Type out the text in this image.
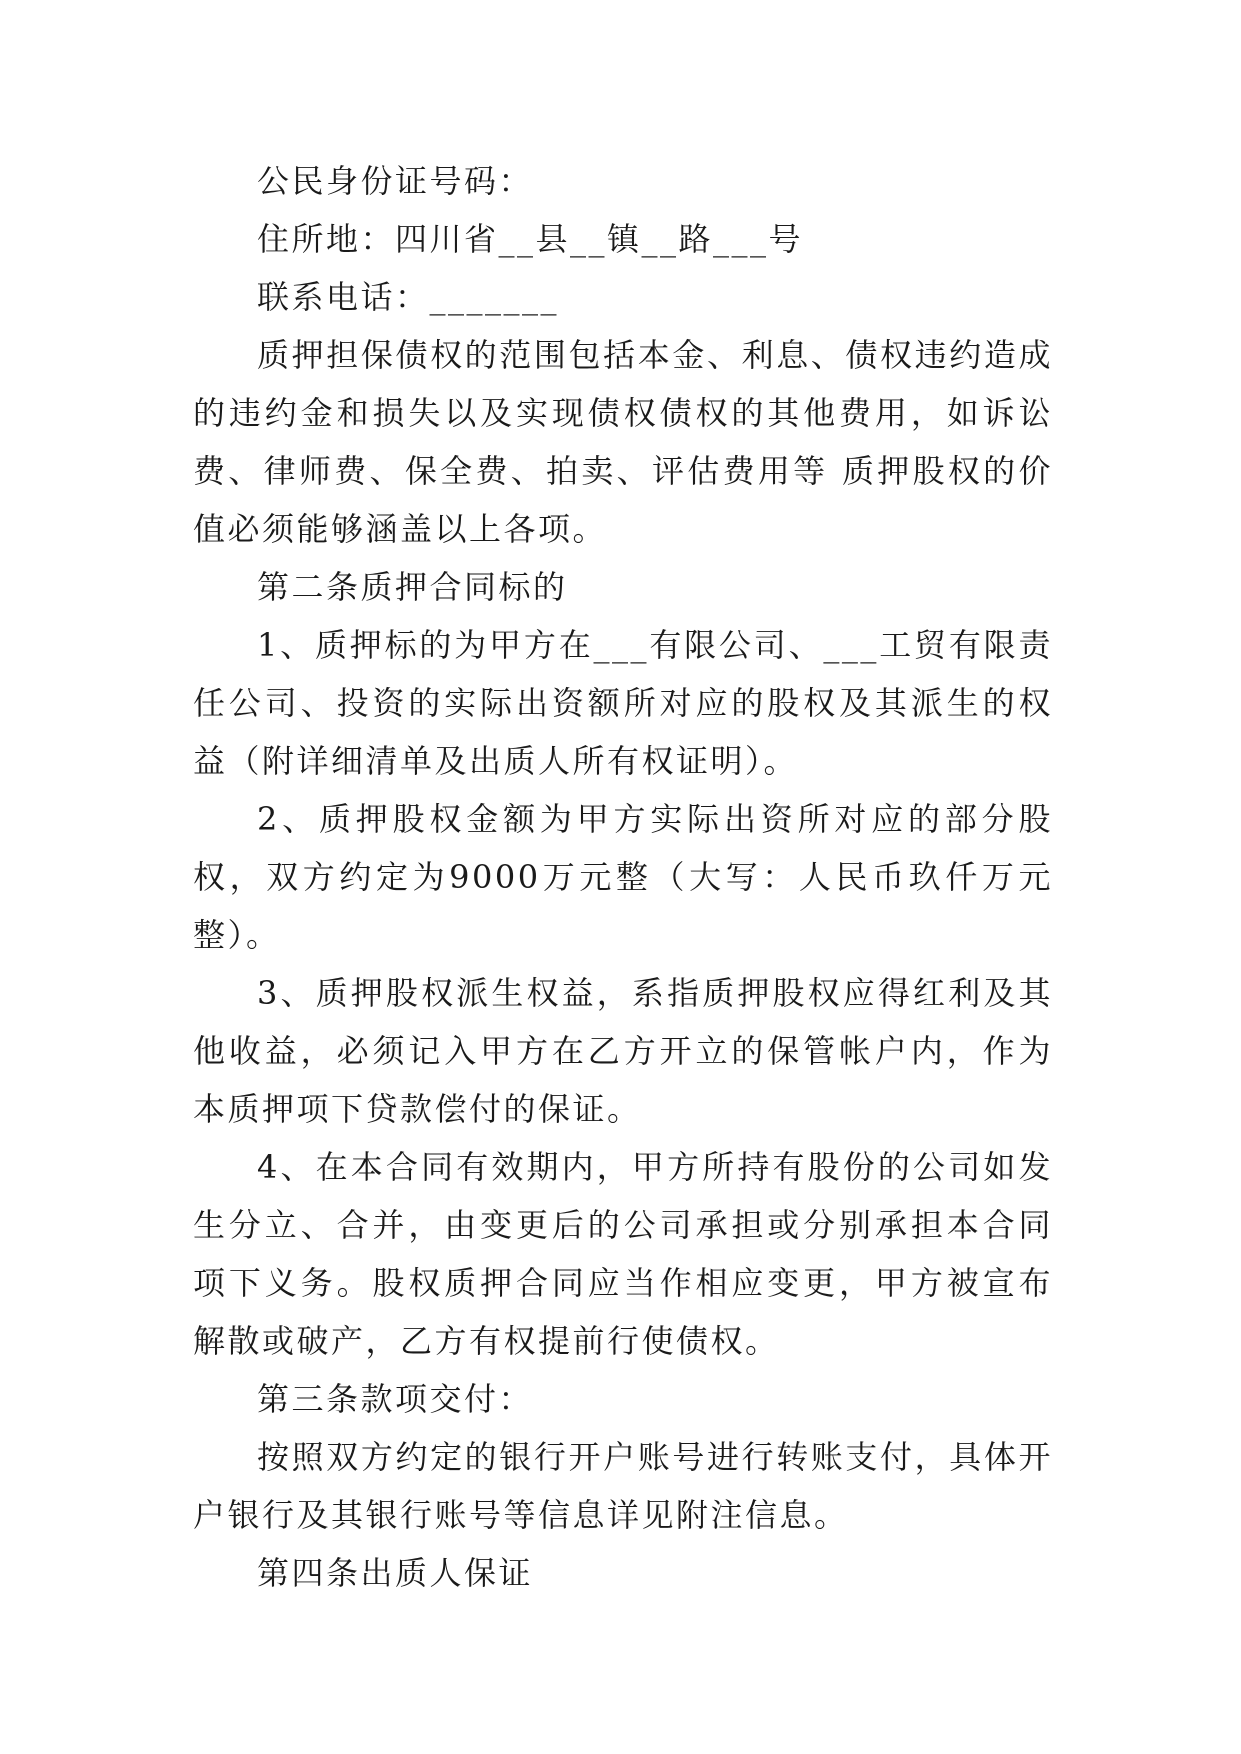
公民身份证号码：

住所地：四川省__县__镇__路___号

联系电话：_______

质押担保债权的范围包括本金、利息、债权违约造成的违约金和损失以及实现债权债权的其他费用，如诉讼费、律师费、保全费、拍卖、评估费用等 质押股权的价值必须能够涵盖以上各项。

第二条质押合同标的

1、质押标的为甲方在___有限公司、___工贸有限责任公司、投资的实际出资额所对应的股权及其派生的权益（附详细清单及出质人所有权证明）。

2、质押股权金额为甲方实际出资所对应的部分股权，双方约定为9000万元整（大写：人民币玖仟万元整）。

3、质押股权派生权益，系指质押股权应得红利及其他收益，必须记入甲方在乙方开立的保管帐户内，作为本质押项下贷款偿付的保证。

4、在本合同有效期内，甲方所持有股份的公司如发生分立、合并，由变更后的公司承担或分别承担本合同项下义务。股权质押合同应当作相应变更，甲方被宣布解散或破产，乙方有权提前行使债权。

第三条款项交付：

按照双方约定的银行开户账号进行转账支付，具体开户银行及其银行账号等信息详见附注信息。

第四条出质人保证
